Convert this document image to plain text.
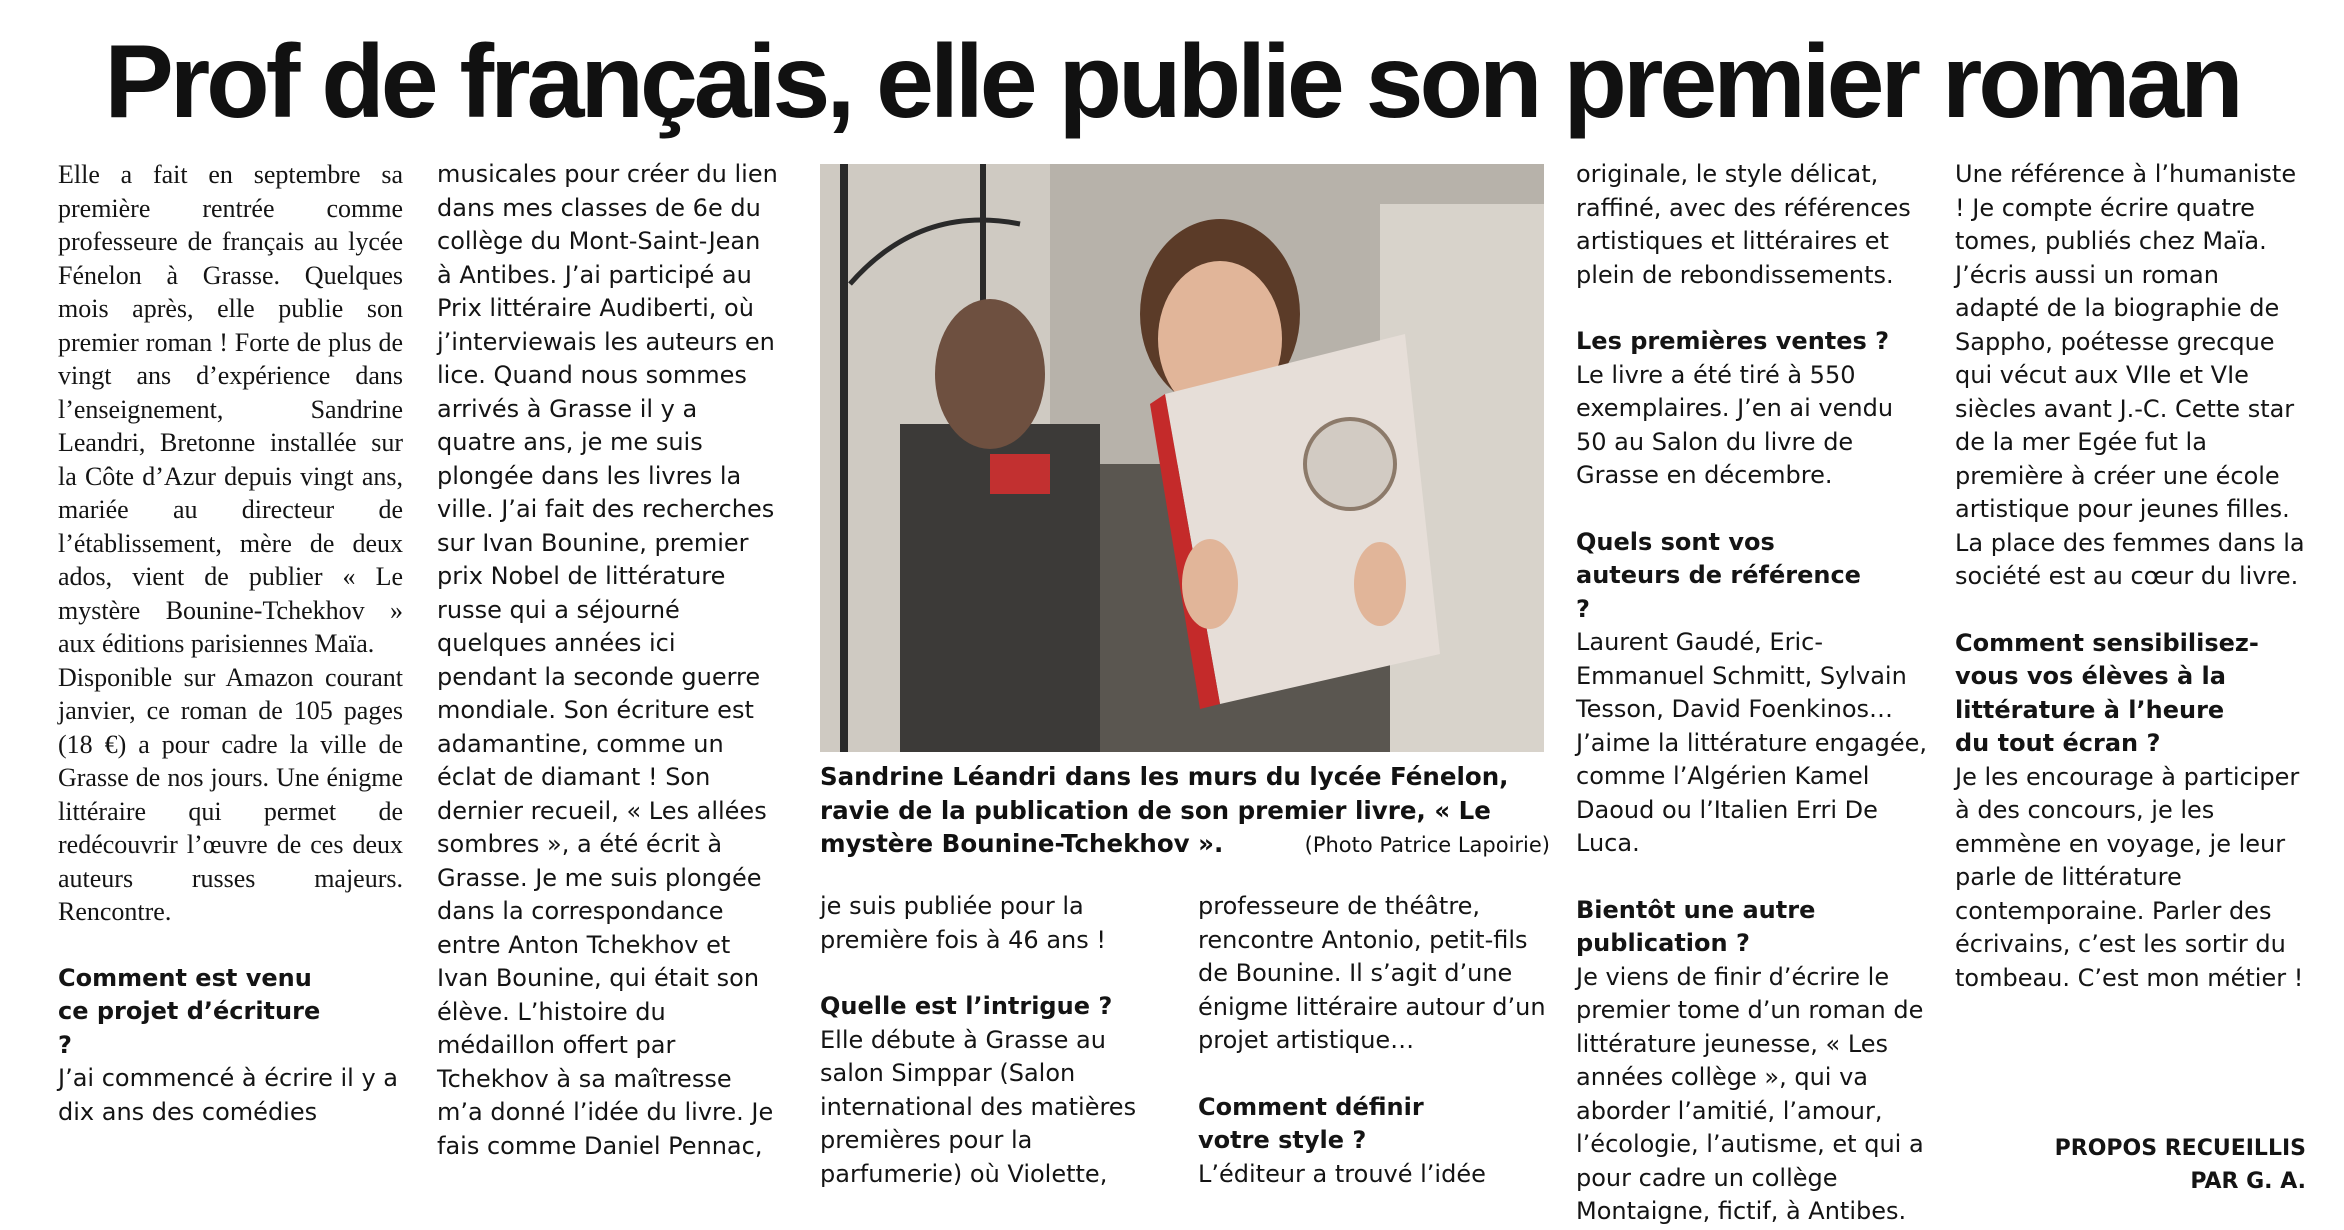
Prof de français, elle publie son premier roman

Elle a fait en septembre sa première rentrée comme professeure de français au lycée Fénelon à Grasse. Quelques mois après, elle publie son premier roman ! Forte de plus de vingt ans d’expérience dans l’enseignement, Sandrine Leandri, Bretonne installée sur la Côte d’Azur depuis vingt ans, mariée au directeur de l’établissement, mère de deux ados, vient de publier « Le mystère Bounine-Tchekhov » aux éditions parisiennes Maïa.

Disponible sur Amazon courant janvier, ce roman de 105 pages (18 €) a pour cadre la ville de Grasse de nos jours. Une énigme littéraire qui permet de redécouvrir l’œuvre de ces deux auteurs russes majeurs. Rencontre.

Comment est venu ce projet d’écriture ?

J’ai commencé à écrire il y a dix ans des comédies

musicales pour créer du lien dans mes classes de 6e du collège du Mont-Saint-Jean à Antibes. J’ai participé au Prix littéraire Audiberti, où j’interviewais les auteurs en lice. Quand nous sommes arrivés à Grasse il y a quatre ans, je me suis plongée dans les livres la ville. J’ai fait des recherches sur Ivan Bounine, premier prix Nobel de littérature russe qui a séjourné quelques années ici pendant la seconde guerre mondiale. Son écriture est adamantine, comme un éclat de diamant ! Son dernier recueil, « Les allées sombres », a été écrit à Grasse. Je me suis plongée dans la correspondance entre Anton Tchekhov et Ivan Bounine, qui était son élève. L’histoire du médaillon offert par Tchekhov à sa maîtresse m’a donné l’idée du livre. Je fais comme Daniel Pennac,

Sandrine Léandri dans les murs du lycée Fénelon, ravie de la publication de son premier livre, « Le mystère Bounine-Tchekhov ».	(Photo Patrice Lapoirie)

je suis publiée pour la première fois à 46 ans !

Quelle est l’intrigue ?

Elle débute à Grasse au salon Simppar (Salon international des matières premières pour la parfumerie) où Violette,

professeure de théâtre, rencontre Antonio, petit-fils de Bounine. Il s’agit d’une énigme littéraire autour d’un projet artistique…

Comment définir votre style ?

L’éditeur a trouvé l’idée

originale, le style délicat, raffiné, avec des références artistiques et littéraires et plein de rebondissements.

Les premières ventes ?

Le livre a été tiré à 550 exemplaires. J’en ai vendu 50 au Salon du livre de Grasse en décembre.

Quels sont vos auteurs de référence ?

Laurent Gaudé, Eric-Emmanuel Schmitt, Sylvain Tesson, David Foenkinos… J’aime la littérature engagée, comme l’Algérien Kamel Daoud ou l’Italien Erri De Luca.

Bientôt une autre publication ?

Je viens de finir d’écrire le premier tome d’un roman de littérature jeunesse, « Les années collège », qui va aborder l’amitié, l’amour, l’écologie, l’autisme, et qui a pour cadre un collège Montaigne, fictif, à Antibes.

Une référence à l’humaniste ! Je compte écrire quatre tomes, publiés chez Maïa. J’écris aussi un roman adapté de la biographie de Sappho, poétesse grecque qui vécut aux VIIe et VIe siècles avant J.-C. Cette star de la mer Egée fut la première à créer une école artistique pour jeunes filles. La place des femmes dans la société est au cœur du livre.

Comment sensibilisez-vous vos élèves à la littérature à l’heure du tout écran ?

Je les encourage à participer à des concours, je les emmène en voyage, je leur parle de littérature contemporaine. Parler des écrivains, c’est les sortir du tombeau. C’est mon métier !

PROPOS RECUEILLIS
PAR G. A.
